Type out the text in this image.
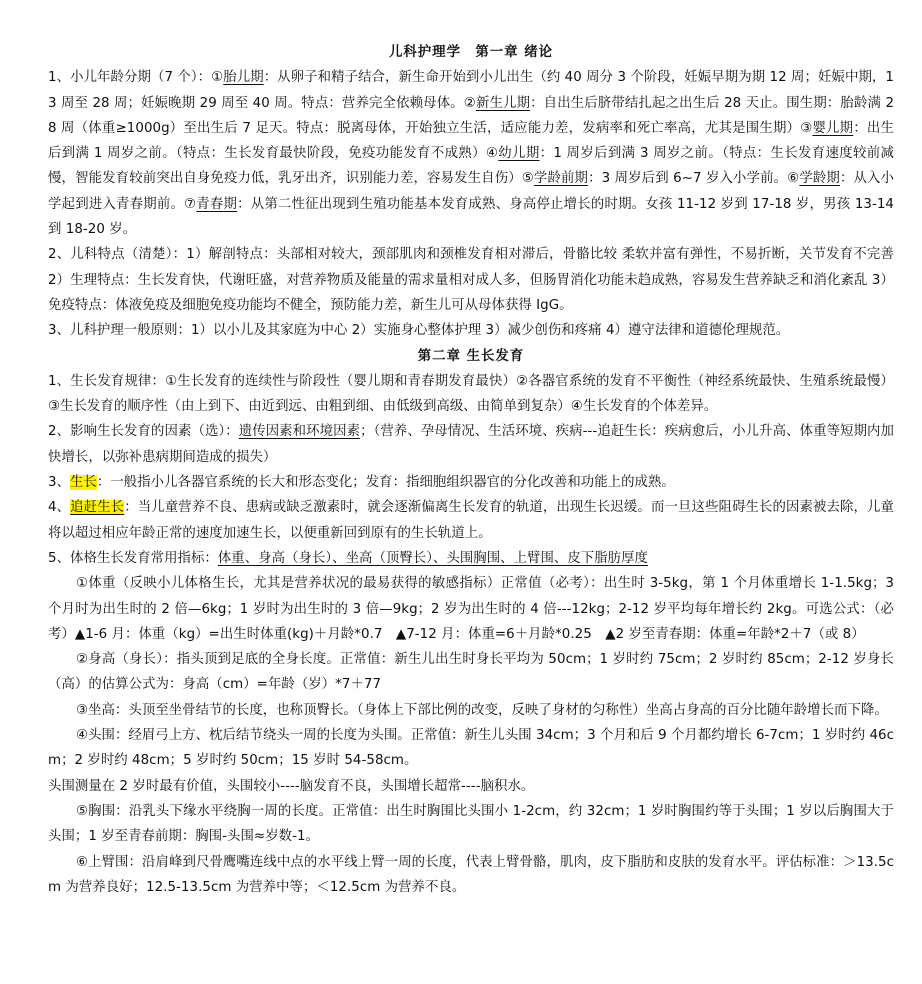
儿科护理学　第一章 绪论

1、小儿年龄分期（7 个）：①胎儿期：从卵子和精子结合，新生命开始到小儿出生（约 40 周分 3 个阶段，妊娠早期为期 12 周；妊娠中期，13 周至 28 周；妊娠晚期 29 周至 40 周。特点：营养完全依赖母体。②新生儿期：自出生后脐带结扎起之出生后 28 天止。围生期：胎龄满 28 周（体重≥1000g）至出生后 7 足天。特点：脱离母体，开始独立生活，适应能力差，发病率和死亡率高，尤其是围生期）③婴儿期：出生后到满 1 周岁之前。（特点：生长发育最快阶段，免疫功能发育不成熟）④幼儿期：1 周岁后到满 3 周岁之前。（特点：生长发育速度较前减慢，智能发育较前突出自身免疫力低，乳牙出齐，识别能力差，容易发生自伤）⑤学龄前期：3 周岁后到 6~7 岁入小学前。⑥学龄期：从入小学起到进入青春期前。⑦青春期：从第二性征出现到生殖功能基本发育成熟、身高停止增长的时期。女孩 11-12 岁到 17-18 岁，男孩 13-14 到 18-20 岁。

2、儿科特点（清楚）：1）解剖特点：头部相对较大，颈部肌肉和颈椎发育相对滞后，骨骼比较 柔软并富有弹性，不易折断，关节发育不完善 2）生理特点：生长发育快，代谢旺盛，对营养物质及能量的需求量相对成人多，但肠胃消化功能未趋成熟，容易发生营养缺乏和消化紊乱 3）免疫特点：体液免疫及细胞免疫功能均不健全，预防能力差，新生儿可从母体获得 IgG。

3、儿科护理一般原则：1）以小儿及其家庭为中心 2）实施身心整体护理 3）减少创伤和疼痛 4）遵守法律和道德伦理规范。

第二章 生长发育

1、生长发育规律：①生长发育的连续性与阶段性（婴儿期和青春期发育最快）②各器官系统的发育不平衡性（神经系统最快、生殖系统最慢）③生长发育的顺序性（由上到下、由近到远、由粗到细、由低级到高级、由简单到复杂）④生长发育的个体差异。

2、影响生长发育的因素（选）：遗传因素和环境因素；（营养、孕母情况、生活环境、疾病---追赶生长：疾病愈后，小儿升高、体重等短期内加快增长，以弥补患病期间造成的损失）

3、生长：一般指小儿各器官系统的长大和形态变化；发育：指细胞组织器官的分化改善和功能上的成熟。

4、追赶生长：当儿童营养不良、患病或缺乏激素时，就会逐渐偏离生长发育的轨道，出现生长迟缓。而一旦这些阻碍生长的因素被去除，儿童将以超过相应年龄正常的速度加速生长，以便重新回到原有的生长轨道上。

5、体格生长发育常用指标：体重、身高（身长）、坐高（顶臀长）、头围胸围、上臂围、皮下脂肪厚度

①体重（反映小儿体格生长，尤其是营养状况的最易获得的敏感指标）正常值（必考）：出生时 3-5kg，第 1 个月体重增长 1-1.5kg；3 个月时为出生时的 2 倍—6kg；1 岁时为出生时的 3 倍—9kg；2 岁为出生时的 4 倍---12kg；2-12 岁平均每年增长约 2kg。可选公式：（必考）▲1-6 月：体重（kg）=出生时体重(kg)＋月龄*0.7　▲7-12 月：体重=6＋月龄*0.25　▲2 岁至青春期：体重=年龄*2＋7（或 8）

②身高（身长）：指头顶到足底的全身长度。正常值：新生儿出生时身长平均为 50cm；1 岁时约 75cm；2 岁时约 85cm；2-12 岁身长（高）的估算公式为：身高（cm）=年龄（岁）*7＋77

③坐高：头顶至坐骨结节的长度，也称顶臀长。（身体上下部比例的改变，反映了身材的匀称性）坐高占身高的百分比随年龄增长而下降。

④头围：经眉弓上方、枕后结节绕头一周的长度为头围。正常值：新生儿头围 34cm；3 个月和后 9 个月都约增长 6-7cm；1 岁时约 46cm；2 岁时约 48cm；5 岁时约 50cm；15 岁时 54-58cm。

头围测量在 2 岁时最有价值，头围较小----脑发育不良，头围增长超常----脑积水。

⑤胸围：沿乳头下缘水平绕胸一周的长度。正常值：出生时胸围比头围小 1-2cm，约 32cm；1 岁时胸围约等于头围；1 岁以后胸围大于头围；1 岁至青春前期：胸围-头围≈岁数-1。

⑥上臂围：沿肩峰到尺骨鹰嘴连线中点的水平线上臂一周的长度，代表上臂骨骼，肌肉，皮下脂肪和皮肤的发育水平。评估标准：＞13.5cm 为营养良好；12.5-13.5cm 为营养中等；＜12.5cm 为营养不良。
